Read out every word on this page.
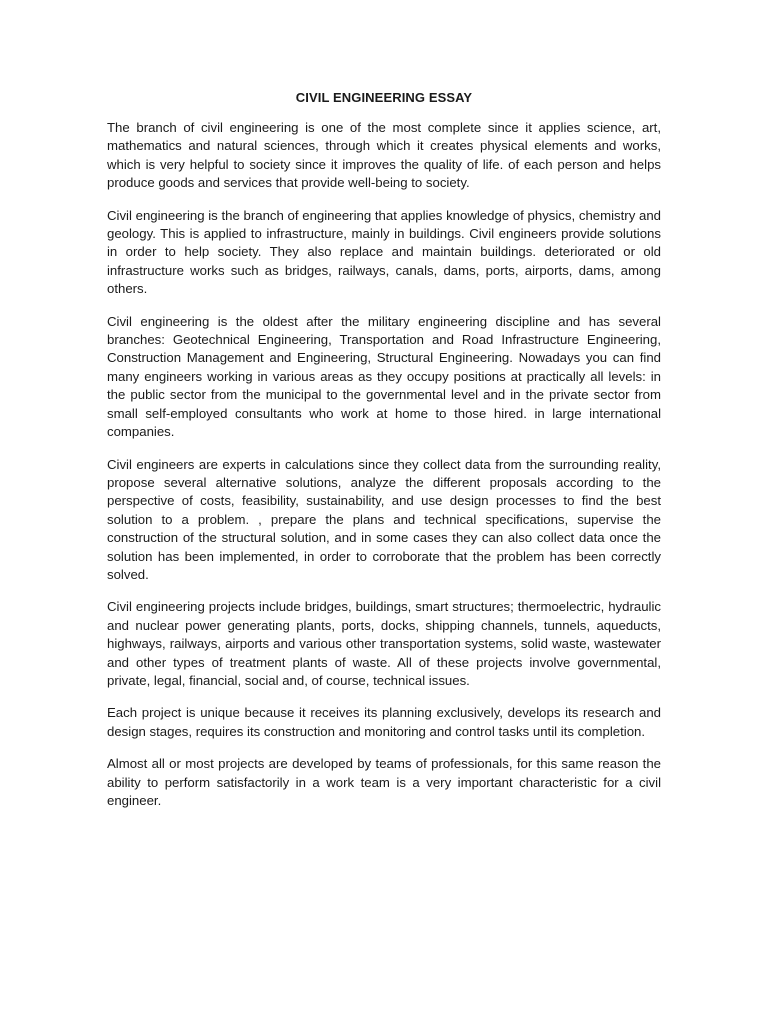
CIVIL ENGINEERING ESSAY

The branch of civil engineering is one of the most complete since it applies science, art, mathematics and natural sciences, through which it creates physical elements and works, which is very helpful to society since it improves the quality of life. of each person and helps produce goods and services that provide well-being to society.

Civil engineering is the branch of engineering that applies knowledge of physics, chemistry and geology. This is applied to infrastructure, mainly in buildings. Civil engineers provide solutions in order to help society. They also replace and maintain buildings. deteriorated or old infrastructure works such as bridges, railways, canals, dams, ports, airports, dams, among others.

Civil engineering is the oldest after the military engineering discipline and has several branches: Geotechnical Engineering, Transportation and Road Infrastructure Engineering, Construction Management and Engineering, Structural Engineering. Nowadays you can find many engineers working in various areas as they occupy positions at practically all levels: in the public sector from the municipal to the governmental level and in the private sector from small self-employed consultants who work at home to those hired. in large international companies.

Civil engineers are experts in calculations since they collect data from the surrounding reality, propose several alternative solutions, analyze the different proposals according to the perspective of costs, feasibility, sustainability, and use design processes to find the best solution to a problem. , prepare the plans and technical specifications, supervise the construction of the structural solution, and in some cases they can also collect data once the solution has been implemented, in order to corroborate that the problem has been correctly solved.

Civil engineering projects include bridges, buildings, smart structures; thermoelectric, hydraulic and nuclear power generating plants, ports, docks, shipping channels, tunnels, aqueducts, highways, railways, airports and various other transportation systems, solid waste, wastewater and other types of treatment plants of waste. All of these projects involve governmental, private, legal, financial, social and, of course, technical issues.

Each project is unique because it receives its planning exclusively, develops its research and design stages, requires its construction and monitoring and control tasks until its completion.

Almost all or most projects are developed by teams of professionals, for this same reason the ability to perform satisfactorily in a work team is a very important characteristic for a civil engineer.
